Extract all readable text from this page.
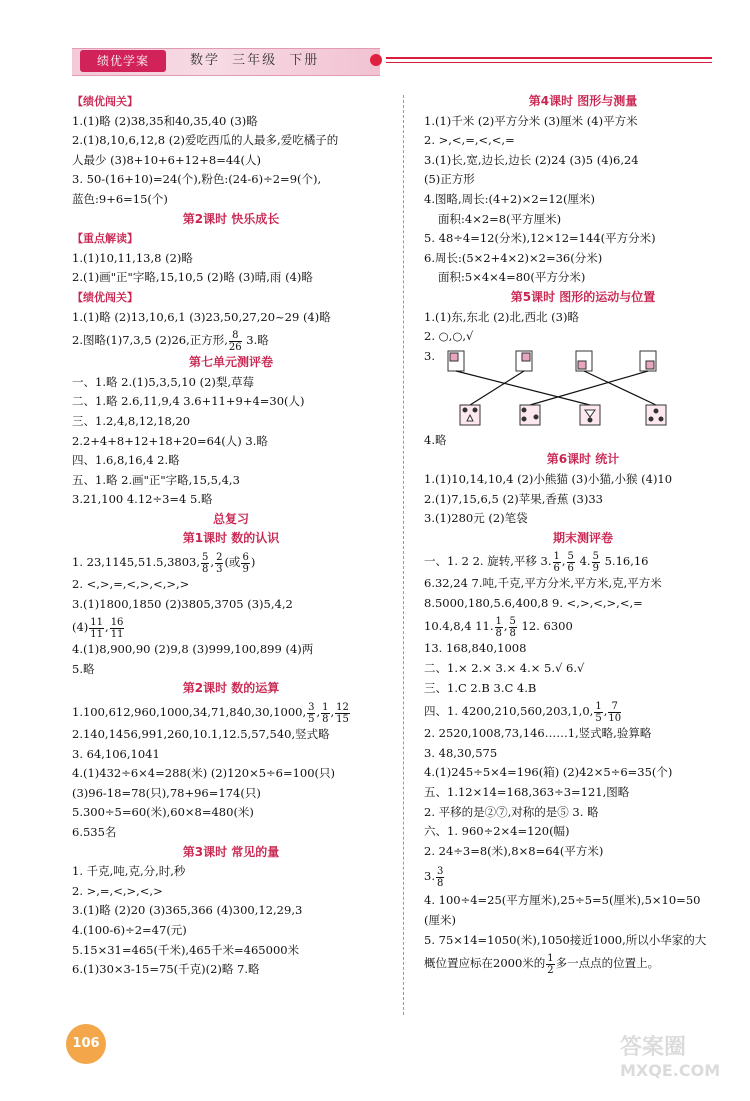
绩优学案	数学 三年级 下册
【绩优闯关】
1.(1)略 (2)38,35和40,35,40 (3)略
2.(1)8,10,6,12,8 (2)爱吃西瓜的人最多,爱吃橘子的
人最少 (3)8+10+6+12+8=44(人)
3. 50-(16+10)=24(个),粉色:(24-6)÷2=9(个),
蓝色:9+6=15(个)
第2课时 快乐成长
【重点解读】
1.(1)10,11,13,8 (2)略
2.(1)画"正"字略,15,10,5 (2)略 (3)晴,雨 (4)略
【绩优闯关】
1.(1)略 (2)13,10,6,1 (3)23,50,27,20~29 (4)略
2.图略(1)7,3,5 (2)26,正方形, $\frac{8}{26} 3$.略
第七单元测评卷
一、1.略 2.(1)5,3,5,10 (2)梨,草莓
二、1.略 2.6,11,9,4 3.6+11+9+4=30(人)
三、1.2,4,8,12,18,20
2.2+4+8+12+18+20=64(人) 3.略
四、1.6,8,16,4 2.略
五、1.略 2.画"正"字略,15,5,4,3
3.21,100 4.12÷3=4 5.略
总复习
第1课时 数的认识
1. 23,1145,51.5,3803, $\frac{5}{8}$ , $\frac{2}{3}$ (或 $\frac{6}{9}$ )
2. <,>,=,<,>,<,>,>
3.(1)1800,1850 (2)3805,3705 (3)5,4,2
$(4) \frac{11}{11}$ , $\frac{16}{11}$
4.(1)8,900,90 (2)9,8 (3)999,100,899 (4)两
5.略
第2课时 数的运算
1.100,612,960,1000,34,71,840,30,1000, $\frac{3}{5}$ , $\frac{1}{8}$ , $\frac{12}{15}$
2.140,1456,991,260,10.1,12.5,57,540,竖式略
3. 64,106,1041
4.(1)432÷6×4=288(米) (2)120×5÷6=100(只)
(3)96-18=78(只),78+96=174(只)
5.300÷5=60(米),60×8=480(米)
6.535名
第3课时 常见的量
1. 千克,吨,克,分,时,秒
2. >,=,<,>,<,>
3.(1)略 (2)20 (3)365,366 (4)300,12,29,3
4.(100-6)÷2=47(元)
5.15×31=465(千米),465千米=465000米
6.(1)30×3-15=75(千克)(2)略 7.略
第4课时 图形与测量
1.(1)千米 (2)平方分米 (3)厘米 (4)平方米
2. >,<,=,<,<,=
3.(1)长,宽,边长,边长 (2)24 (3)5 (4)6,24
(5)正方形
4.图略,周长:(4+2)×2=12(厘米)
面积:4×2=8(平方厘米)
5. 48÷4=12(分米),12×12=144(平方分米)
6.周长:(5×2+4×2)×2=36(分米)
面积:5×4×4=80(平方分米)
第5课时 图形的运动与位置
1.(1)东,东北 (2)北,西北 (3)略
2. ○,○,√
3.
4.略
第6课时 统计
1.(1)10,14,10,4 (2)小熊猫 (3)小猫,小猴 (4)10
2.(1)7,15,6,5 (2)苹果,香蕉 (3)33
3.(1)280元 (2)笔袋
期末测评卷
一、1. 2 2. 旋转,平移 3. $\frac{1}{6}$ , $\frac{5}{6} 4$. $\frac{5}{9} 5.16,16$
6.32,24 7.吨,千克,平方分米,平方米,克,平方米
8.5000,180,5.6,400,8 9. <,>,<,>,<,=
10.4,8,4 11. $\frac{1}{8}$ , $\frac{5}{8} 12$. 6300
13. 168,840,1008
二、1.× 2.× 3.× 4.× 5.√ 6.√
三、1.C 2.B 3.C 4.B
四、1. 4200,210,560,203,1,0, $\frac{1}{5}$ , $\frac{7}{10}$
2. 2520,1008,73,146……1,竖式略,验算略
3. 48,30,575
4.(1)245÷5×4=196(箱) (2)42×5÷6=35(个)
五、1.12×14=168,363÷3=121,图略
2. 平移的是②⑦,对称的是⑤ 3. 略
六、1. 960÷2×4=120(幅)
2. 24÷3=8(米),8×8=64(平方米)
3. $\frac{3}{8}$
4. 100÷4=25(平方厘米),25÷5=5(厘米),5×10=50
(厘米)
5. 75×14=1050(米),1050接近1000,所以小华家的大
概位置应标在2000米的 $\frac{1}{2}$ 多一点点的位置上。
106	答案圈
MXQE.COM
